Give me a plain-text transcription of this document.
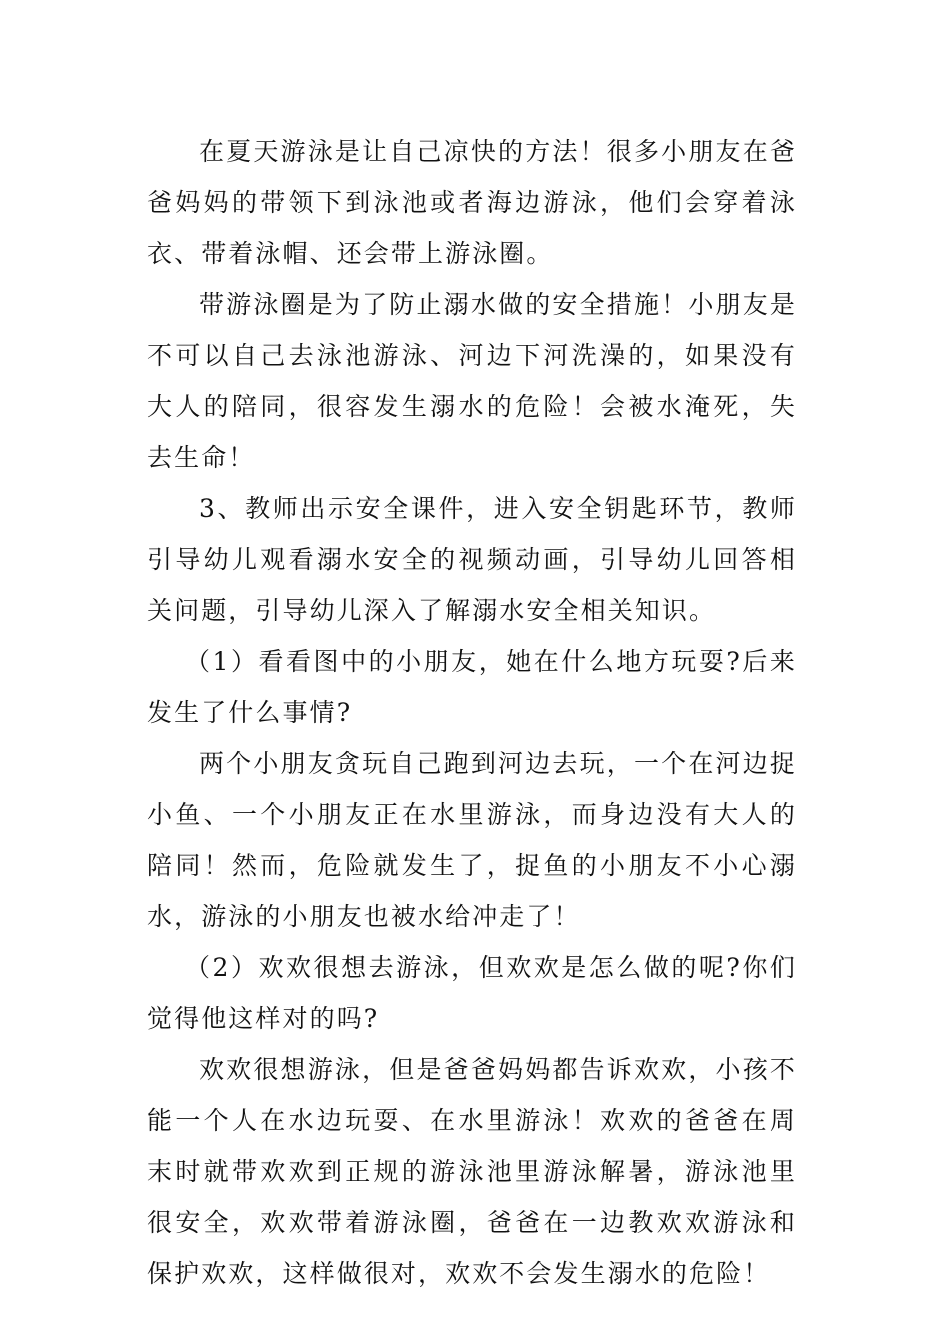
在夏天游泳是让自己凉快的方法！很多小朋友在爸爸妈妈的带领下到泳池或者海边游泳，他们会穿着泳衣、带着泳帽、还会带上游泳圈。

带游泳圈是为了防止溺水做的安全措施！小朋友是不可以自己去泳池游泳、河边下河洗澡的，如果没有大人的陪同，很容发生溺水的危险！会被水淹死，失去生命！

3、教师出示安全课件，进入安全钥匙环节，教师引导幼儿观看溺水安全的视频动画，引导幼儿回答相关问题，引导幼儿深入了解溺水安全相关知识。

（1）看看图中的小朋友，她在什么地方玩耍?后来发生了什么事情?

两个小朋友贪玩自己跑到河边去玩，一个在河边捉小鱼、一个小朋友正在水里游泳，而身边没有大人的陪同！然而，危险就发生了，捉鱼的小朋友不小心溺水，游泳的小朋友也被水给冲走了！

（2）欢欢很想去游泳，但欢欢是怎么做的呢?你们觉得他这样对的吗?

欢欢很想游泳，但是爸爸妈妈都告诉欢欢，小孩不能一个人在水边玩耍、在水里游泳！欢欢的爸爸在周末时就带欢欢到正规的游泳池里游泳解暑，游泳池里很安全，欢欢带着游泳圈，爸爸在一边教欢欢游泳和保护欢欢，这样做很对，欢欢不会发生溺水的危险！
